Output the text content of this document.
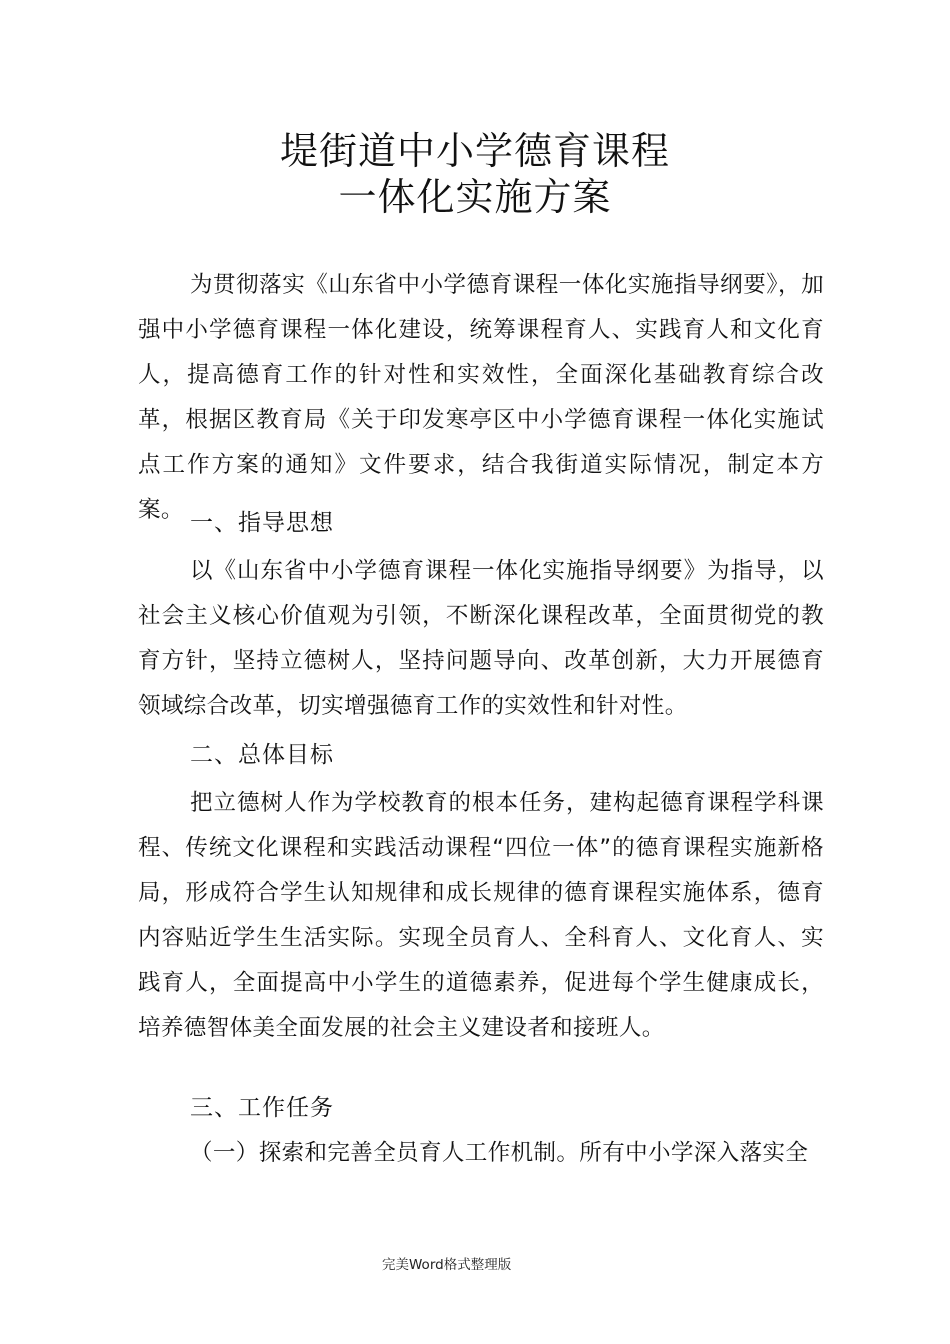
堤街道中小学德育课程
一体化实施方案

为贯彻落实《山东省中小学德育课程一体化实施指导纲要》，加强中小学德育课程一体化建设，统筹课程育人、实践育人和文化育人，提高德育工作的针对性和实效性，全面深化基础教育综合改革，根据区教育局《关于印发寒亭区中小学德育课程一体化实施试点工作方案的通知》文件要求，结合我街道实际情况，制定本方案。 一、指导思想

以《山东省中小学德育课程一体化实施指导纲要》为指导，以社会主义核心价值观为引领，不断深化课程改革，全面贯彻党的教育方针，坚持立德树人，坚持问题导向、改革创新，大力开展德育领域综合改革，切实增强德育工作的实效性和针对性。

二、总体目标

把立德树人作为学校教育的根本任务，建构起德育课程学科课程、传统文化课程和实践活动课程“四位一体”的德育课程实施新格局，形成符合学生认知规律和成长规律的德育课程实施体系，德育内容贴近学生生活实际。实现全员育人、全科育人、文化育人、实践育人，全面提高中小学生的道德素养，促进每个学生健康成长，培养德智体美全面发展的社会主义建设者和接班人。

三、工作任务

（一）探索和完善全员育人工作机制。所有中小学深入落实全

完美Word格式整理版
